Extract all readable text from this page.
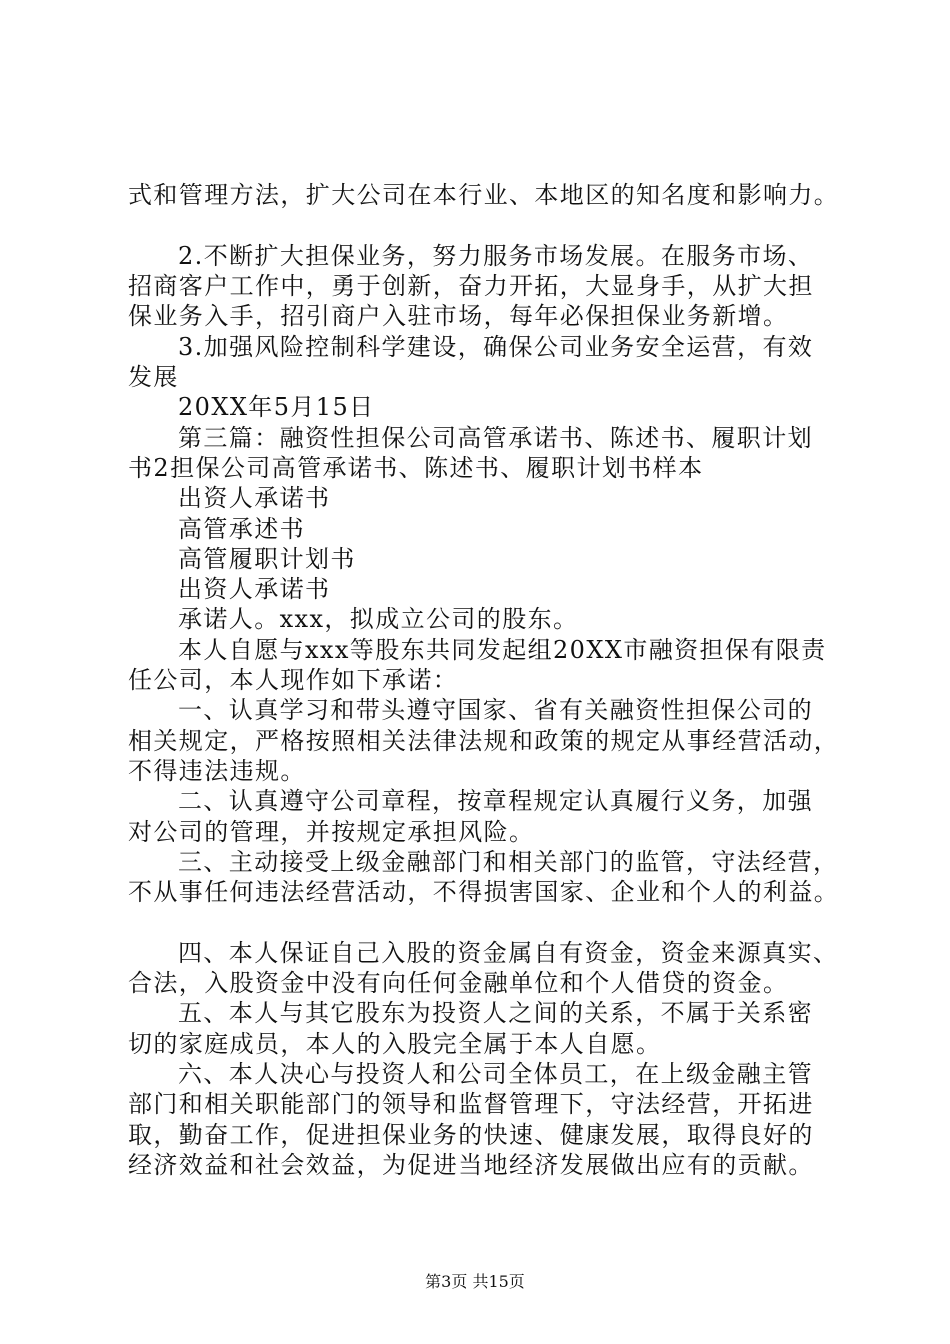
式和管理方法，扩大公司在本行业、本地区的知名度和影响力。
2.不断扩大担保业务，努力服务市场发展。在服务市场、
招商客户工作中，勇于创新，奋力开拓，大显身手，从扩大担
保业务入手，招引商户入驻市场，每年必保担保业务新增。
3.加强风险控制科学建设，确保公司业务安全运营，有效
发展
20XX年5月15日
第三篇：融资性担保公司高管承诺书、陈述书、履职计划
书2担保公司高管承诺书、陈述书、履职计划书样本
出资人承诺书
高管承述书
高管履职计划书
出资人承诺书
承诺人。xxx，拟成立公司的股东。
本人自愿与xxx等股东共同发起组20XX市融资担保有限责
任公司，本人现作如下承诺：
一、认真学习和带头遵守国家、省有关融资性担保公司的
相关规定，严格按照相关法律法规和政策的规定从事经营活动，
不得违法违规。
二、认真遵守公司章程，按章程规定认真履行义务，加强
对公司的管理，并按规定承担风险。
三、主动接受上级金融部门和相关部门的监管，守法经营，
不从事任何违法经营活动，不得损害国家、企业和个人的利益。
四、本人保证自己入股的资金属自有资金，资金来源真实、
合法，入股资金中没有向任何金融单位和个人借贷的资金。
五、本人与其它股东为投资人之间的关系，不属于关系密
切的家庭成员，本人的入股完全属于本人自愿。
六、本人决心与投资人和公司全体员工，在上级金融主管
部门和相关职能部门的领导和监督管理下，守法经营，开拓进
取，勤奋工作，促进担保业务的快速、健康发展，取得良好的
经济效益和社会效益，为促进当地经济发展做出应有的贡献。
第3页 共15页
